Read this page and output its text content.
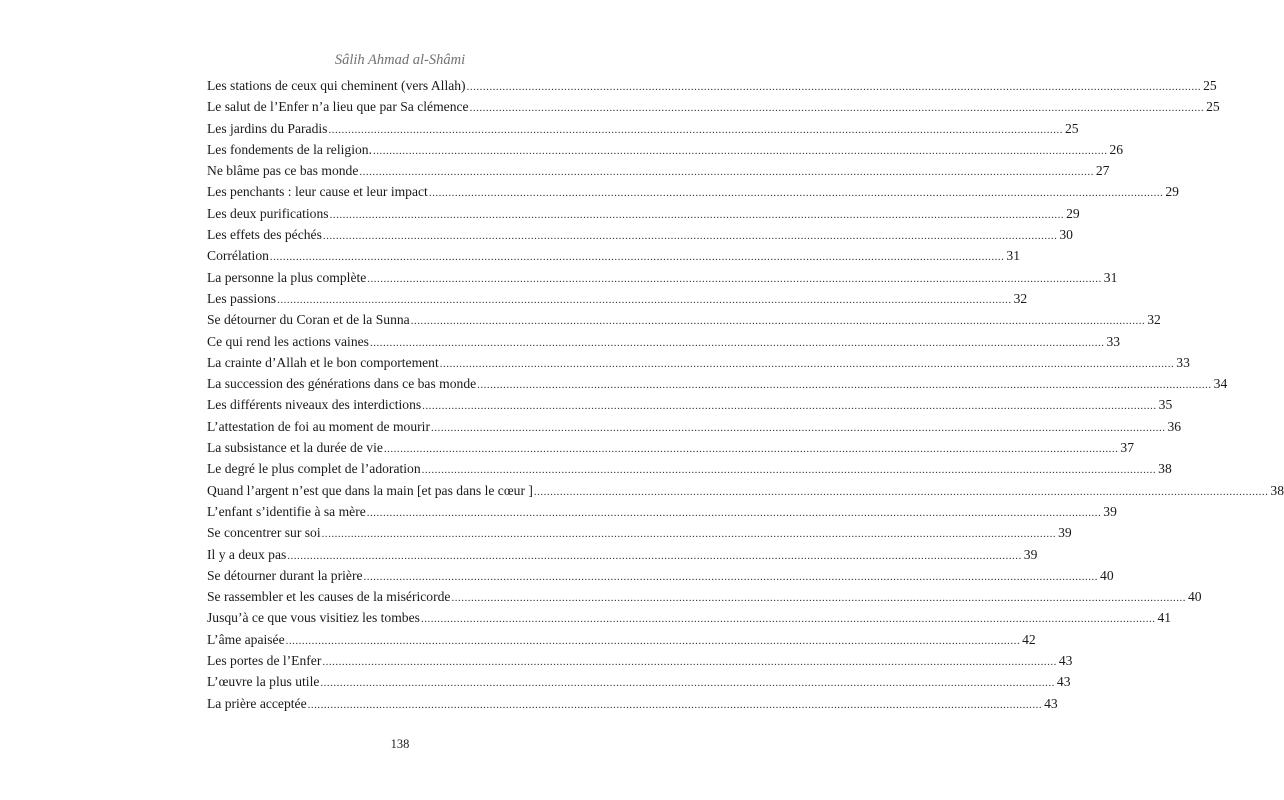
Sâlih Ahmad al-Shâmi
Les stations de ceux qui cheminent (vers Allah) .....	25
Le salut de l’Enfer n’a lieu que par Sa clémence .....	25
Les jardins du Paradis .....	25
Les fondements de la religion. .....	26
Ne blâme pas ce bas monde .....	27
Les penchants : leur cause et leur impact .....	29
Les deux purifications .....	29
Les effets des péchés .....	30
Corrélation .....	31
La personne la plus complète .....	31
Les passions .....	32
Se détourner du Coran et de la Sunna .....	32
Ce qui rend les actions vaines .....	33
La crainte d’Allah et le bon comportement .....	33
La succession des générations dans ce bas monde .....	34
Les différents niveaux des interdictions .....	35
L’attestation de foi au moment de mourir .....	36
La subsistance et la durée de vie .....	37
Le degré le plus complet de l’adoration .....	38
Quand l’argent n’est que dans la main [et pas dans le cœur ] .....	38
L’enfant s’identifie à sa mère .....	39
Se concentrer sur soi .....	39
Il y a deux pas .....	39
Se détourner durant la prière .....	40
Se rassembler et les causes de la miséricorde .....	40
Jusqu’à ce que vous visitiez les tombes .....	41
L’âme apaisée .....	42
Les portes de l’Enfer .....	43
L’œuvre la plus utile .....	43
La prière acceptée .....	43
138
